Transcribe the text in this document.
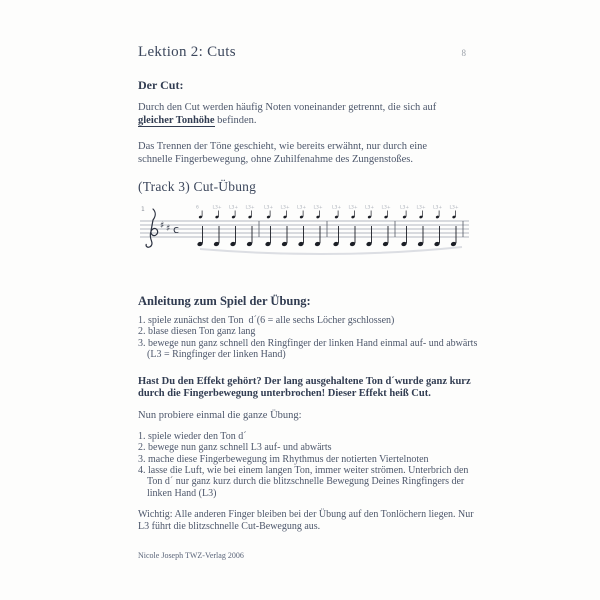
Lektion 2: Cuts	8
Der Cut:
Durch den Cut werden häufig Noten voneinander getrennt, die sich auf
gleicher Tonhöhe befinden.
Das Trennen der Töne geschieht, wie bereits erwähnt, nur durch eine
schnelle Fingerbewegung, ohne Zuhilfenahme des Zungenstoßes.
(Track 3) Cut-Übung
1
♯ ♯ c
6	L3+ L3+ L3+ L3+ L3+ L3+ L3+ L3+ L3+ L3+ L3+ L3+ L3+ L3+ L3+
Anleitung zum Spiel der Übung:
1. spiele zunächst den Ton  d´(6 = alle sechs Löcher gschlossen)
2. blase diesen Ton ganz lang
3. bewege nun ganz schnell den Ringfinger der linken Hand einmal auf- und abwärts
(L3 = Ringfinger der linken Hand)
Hast Du den Effekt gehört? Der lang ausgehaltene Ton d´wurde ganz kurz
durch die Fingerbewegung unterbrochen! Dieser Effekt heiß Cut.
Nun probiere einmal die ganze Übung:
1. spiele wieder den Ton d´
2. bewege nun ganz schnell L3 auf- und abwärts
3. mache diese Fingerbewegung im Rhythmus der notierten Viertelnoten
4. lasse die Luft, wie bei einem langen Ton, immer weiter strömen. Unterbrich den
Ton d´ nur ganz kurz durch die blitzschnelle Bewegung Deines Ringfingers der
linken Hand (L3)
Wichtig: Alle anderen Finger bleiben bei der Übung auf den Tonlöchern liegen. Nur
L3 führt die blitzschnelle Cut-Bewegung aus.
Nicole Joseph TWZ-Verlag 2006
